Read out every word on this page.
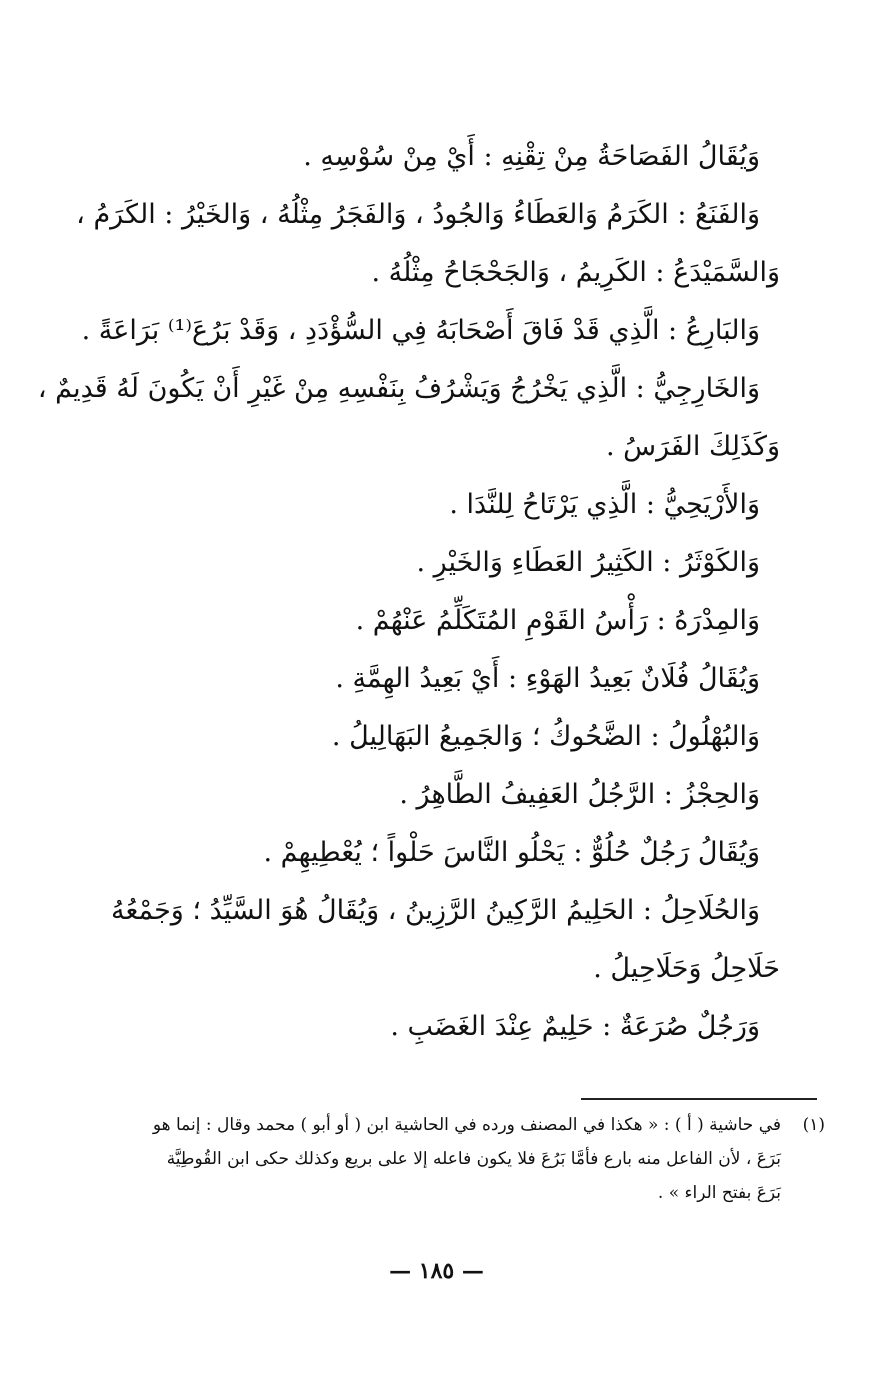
وَيُقَالُ الفَصَاحَةُ مِنْ تِقْنِهِ : أَيْ مِنْ سُوْسِهِ .
وَالفَنَعُ : الكَرَمُ وَالعَطَاءُ وَالجُودُ ، وَالفَجَرُ مِثْلُهُ ، وَالخَيْرُ : الكَرَمُ ،
وَالسَّمَيْدَعُ : الكَرِيمُ ، وَالجَحْجَاحُ مِثْلُهُ .
وَالبَارِعُ : الَّذِي قَدْ فَاقَ أَصْحَابَهُ فِي السُّؤْدَدِ ، وَقَدْ بَرُعَ⁽¹⁾ بَرَاعَةً .
وَالخَارِجِيُّ : الَّذِي يَخْرُجُ وَيَشْرُفُ بِنَفْسِهِ مِنْ غَيْرِ أَنْ يَكُونَ لَهُ قَدِيمٌ ،
وَكَذَلِكَ الفَرَسُ .
وَالأَرْيَحِيُّ : الَّذِي يَرْتَاحُ لِلنَّدَا .
وَالكَوْثَرُ : الكَثِيرُ العَطَاءِ وَالخَيْرِ .
وَالمِدْرَهُ : رَأْسُ القَوْمِ المُتَكَلِّمُ عَنْهُمْ .
وَيُقَالُ فُلَانٌ بَعِيدُ الهَوْءِ : أَيْ بَعِيدُ الهِمَّةِ .
وَالبُهْلُولُ : الضَّحُوكُ ؛ وَالجَمِيعُ البَهَالِيلُ .
وَالحِجْزُ : الرَّجُلُ العَفِيفُ الطَّاهِرُ .
وَيُقَالُ رَجُلٌ حُلُوٌّ : يَحْلُو النَّاسَ حَلْواً ؛ يُعْطِيهِمْ .
وَالحُلَاحِلُ : الحَلِيمُ الرَّكِينُ الرَّزِينُ ، وَيُقَالُ هُوَ السَّيِّدُ ؛ وَجَمْعُهُ
حَلَاحِلُ وَحَلَاحِيلُ .
وَرَجُلٌ صُرَعَةٌ : حَلِيمٌ عِنْدَ الغَضَبِ .
(١)في حاشية ( أ ) : « هكذا في المصنف ورده في الحاشية ابن ( أو أبو ) محمد وقال : إنما هو
بَرَعَ ، لأن الفاعل منه بارع فأمَّا بَرُعَ فلا يكون فاعله إلا على بريع وكذلك حكى ابن القُوطِيَّة
بَرَعَ بفتح الراء » .
— ١٨٥ —
